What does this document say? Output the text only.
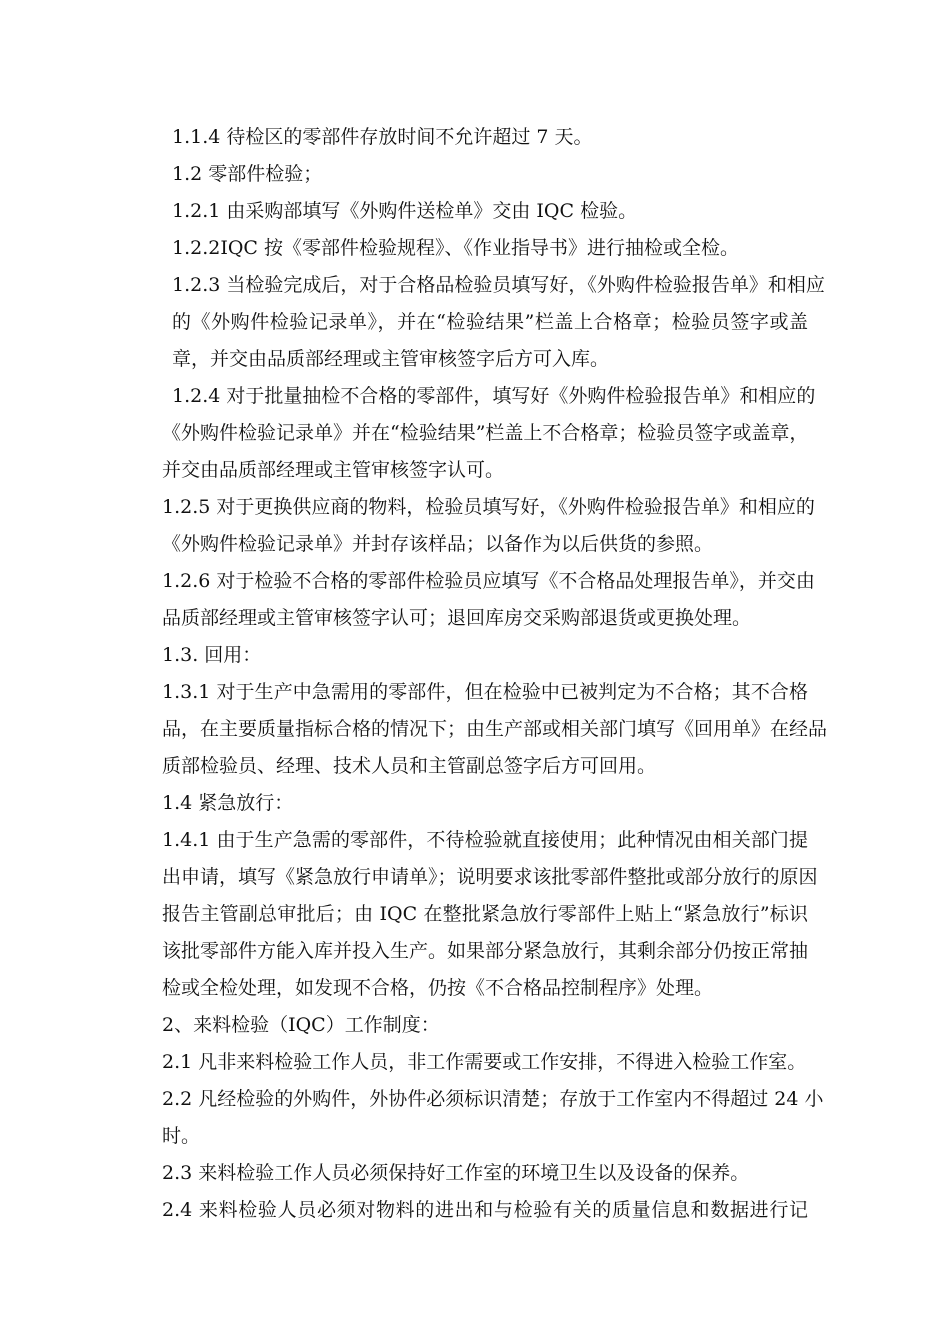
1.1.4 待检区的零部件存放时间不允许超过 7 天。
1.2 零部件检验；
1.2.1 由采购部填写《外购件送检单》交由 IQC 检验。
1.2.2IQC 按《零部件检验规程》、《作业指导书》进行抽检或全检。
1.2.3 当检验完成后，对于合格品检验员填写好，《外购件检验报告单》和相应
的《外购件检验记录单》，并在“检验结果”栏盖上合格章；检验员签字或盖
章，并交由品质部经理或主管审核签字后方可入库。
1.2.4 对于批量抽检不合格的零部件，填写好《外购件检验报告单》和相应的
《外购件检验记录单》并在“检验结果”栏盖上不合格章；检验员签字或盖章，
并交由品质部经理或主管审核签字认可。
1.2.5 对于更换供应商的物料，检验员填写好，《外购件检验报告单》和相应的
《外购件检验记录单》并封存该样品；以备作为以后供货的参照。
1.2.6 对于检验不合格的零部件检验员应填写《不合格品处理报告单》，并交由
品质部经理或主管审核签字认可；退回库房交采购部退货或更换处理。
1.3. 回用：
1.3.1 对于生产中急需用的零部件，但在检验中已被判定为不合格；其不合格
品，在主要质量指标合格的情况下；由生产部或相关部门填写《回用单》在经品
质部检验员、经理、技术人员和主管副总签字后方可回用。
1.4 紧急放行：
1.4.1 由于生产急需的零部件，不待检验就直接使用；此种情况由相关部门提
出申请，填写《紧急放行申请单》；说明要求该批零部件整批或部分放行的原因
报告主管副总审批后；由 IQC 在整批紧急放行零部件上贴上“紧急放行”标识
该批零部件方能入库并投入生产。如果部分紧急放行，其剩余部分仍按正常抽
检或全检处理，如发现不合格，仍按《不合格品控制程序》处理。
2、来料检验（IQC）工作制度：
2.1 凡非来料检验工作人员，非工作需要或工作安排，不得进入检验工作室。
2.2 凡经检验的外购件，外协件必须标识清楚；存放于工作室内不得超过 24 小
时。
2.3 来料检验工作人员必须保持好工作室的环境卫生以及设备的保养。
2.4 来料检验人员必须对物料的进出和与检验有关的质量信息和数据进行记
